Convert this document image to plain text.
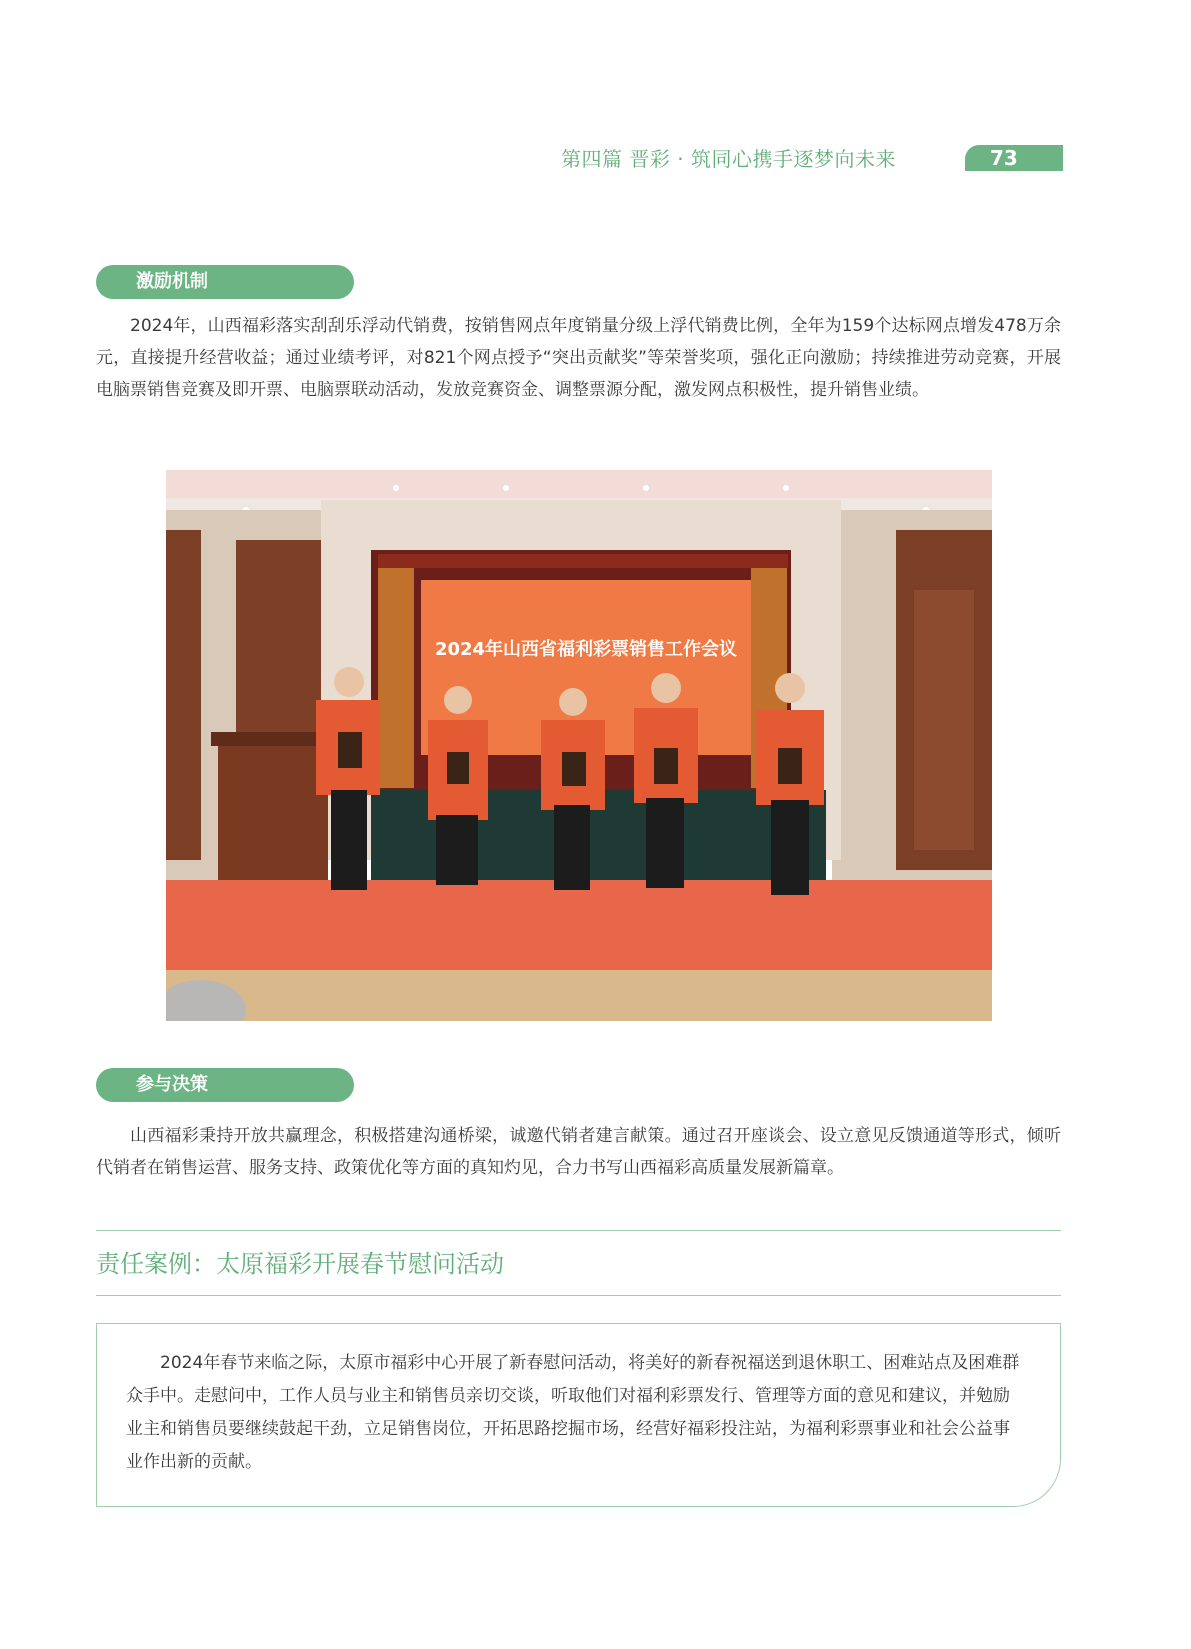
第四篇 晋彩 · 筑同心携手逐梦向未来	73
激励机制

2024年，山西福彩落实刮刮乐浮动代销费，按销售网点年度销量分级上浮代销费比例，全年为159个达标网点增发478万余元，直接提升经营收益；通过业绩考评，对821个网点授予“突出贡献奖”等荣誉奖项，强化正向激励；持续推进劳动竞赛，开展电脑票销售竞赛及即开票、电脑票联动活动，发放竞赛资金、调整票源分配，激发网点积极性，提升销售业绩。

2024年山西省福利彩票销售工作会议
参与决策

山西福彩秉持开放共赢理念，积极搭建沟通桥梁，诚邀代销者建言献策。通过召开座谈会、设立意见反馈通道等形式，倾听代销者在销售运营、服务支持、政策优化等方面的真知灼见，合力书写山西福彩高质量发展新篇章。

责任案例：太原福彩开展春节慰问活动

2024年春节来临之际，太原市福彩中心开展了新春慰问活动，将美好的新春祝福送到退休职工、困难站点及困难群众手中。走慰问中，工作人员与业主和销售员亲切交谈，听取他们对福利彩票发行、管理等方面的意见和建议，并勉励业主和销售员要继续鼓起干劲，立足销售岗位，开拓思路挖掘市场，经营好福彩投注站，为福利彩票事业和社会公益事业作出新的贡献。
